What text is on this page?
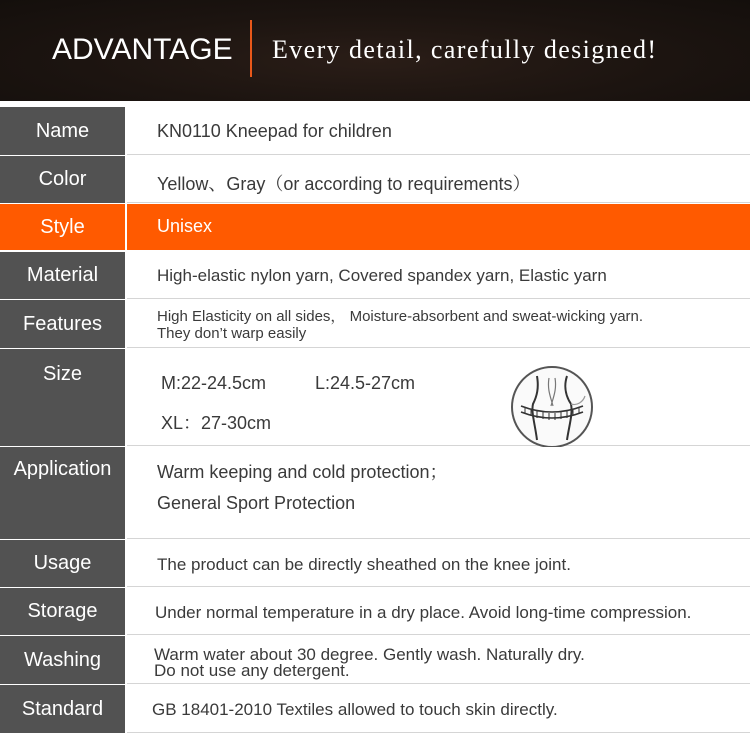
ADVANTAGE Every detail, carefully designed!
Name	KN0110 Kneepad for children
Color	Yellow、Gray（or according to requirements）
Style	Unisex
Material	High-elastic nylon yarn, Covered spandex yarn, Elastic yarn
Features	High Elasticity on all sides， Moisture-absorbent and sweat-wicking yarn.
They don’t warp easily
Size	M:22-24.5cm	L:24.5-27cm
XL：27-30cm
Application	Warm keeping and cold protection；
General Sport Protection
Usage	The product can be directly sheathed on the knee joint.
Storage	Under normal temperature in a dry place. Avoid long-time compression.
Washing	Warm water about 30 degree. Gently wash. Naturally dry.
Do not use any detergent.
Standard	GB 18401-2010 Textiles allowed to touch skin directly.
